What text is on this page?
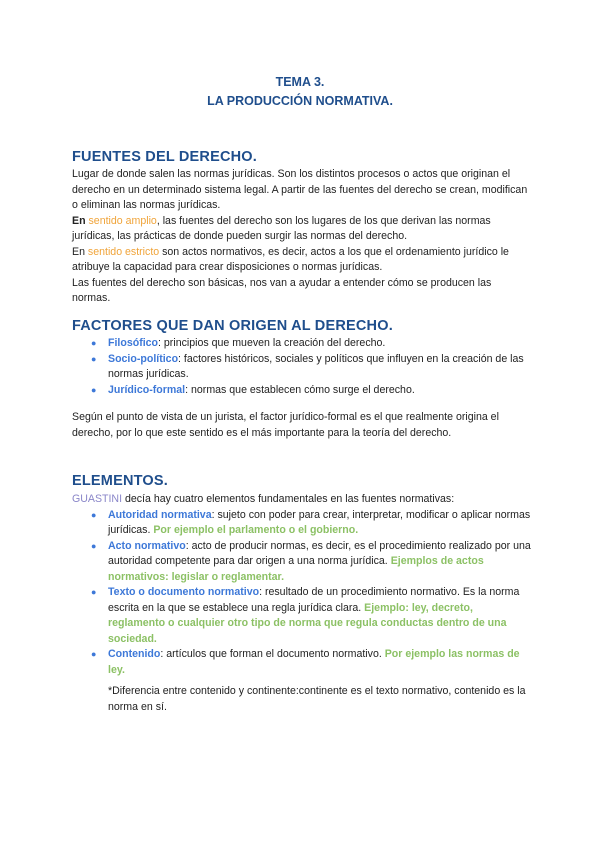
TEMA 3.
LA PRODUCCIÓN NORMATIVA.
FUENTES DEL DERECHO.

Lugar de donde salen las normas jurídicas. Son los distintos procesos o actos que originan el derecho en un determinado sistema legal. A partir de las fuentes del derecho se crean, modifican o eliminan las normas jurídicas.

En sentido amplio, las fuentes del derecho son los lugares de los que derivan las normas jurídicas, las prácticas de donde pueden surgir las normas del derecho.

En sentido estricto son actos normativos, es decir, actos a los que el ordenamiento jurídico le atribuye la capacidad para crear disposiciones o normas jurídicas.

Las fuentes del derecho son básicas, nos van a ayudar a entender cómo se producen las normas.

FACTORES QUE DAN ORIGEN AL DERECHO.
● Filosófico: principios que mueven la creación del derecho.
● Socio-político: factores históricos, sociales y políticos que influyen en la creación de las normas jurídicas.
● Jurídico-formal: normas que establecen cómo surge el derecho.
Según el punto de vista de un jurista, el factor jurídico-formal es el que realmente origina el derecho, por lo que este sentido es el más importante para la teoría del derecho.
ELEMENTOS.

GUASTINI decía hay cuatro elementos fundamentales en las fuentes normativas:

● Autoridad normativa: sujeto con poder para crear, interpretar, modificar o aplicar normas jurídicas. Por ejemplo el parlamento o el gobierno.
● Acto normativo: acto de producir normas, es decir, es el procedimiento realizado por una autoridad competente para dar origen a una norma jurídica. Ejemplos de actos normativos: legislar o reglamentar.
● Texto o documento normativo: resultado de un procedimiento normativo. Es la norma escrita en la que se establece una regla jurídica clara. Ejemplo: ley, decreto, reglamento o cualquier otro tipo de norma que regula conductas dentro de una sociedad.
● Contenido: artículos que forman el documento normativo. Por ejemplo las normas de ley.
*Diferencia entre contenido y continente:continente es el texto normativo, contenido es la norma en sí.
